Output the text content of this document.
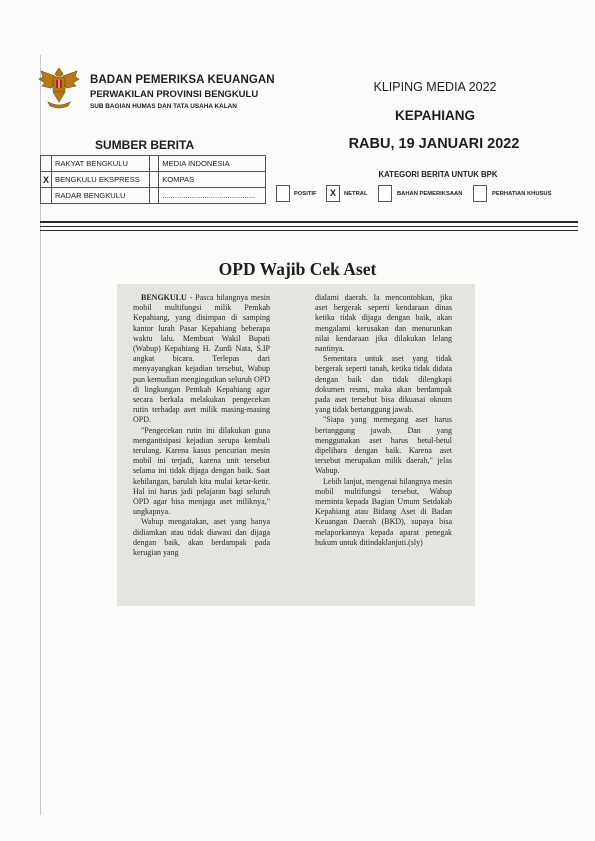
BADAN PEMERIKSA KEUANGAN
PERWAKILAN PROVINSI BENGKULU
SUB BAGIAN HUMAS DAN TATA USAHA KALAN
KLIPING MEDIA 2022
KEPAHIANG
SUMBER BERITA	RABU, 19 JANUARI 2022
	RAKYAT BENGKULU		MEDIA INDONESIA
X	BENGKULU EKSPRESS		KOMPAS
	RADAR BENGKULU		............................................
KATEGORI BERITA UNTUK BPK
POSITIF	X	NETRAL	BAHAN PEMERIKSAAN	PERHATIAN KHUSUS
OPD Wajib Cek Aset

BENGKULU - Pasca hilangnya mesin mobil multifungsi milik Pemkab Kepahiang, yang disimpan di samping kantor lurah Pasar Kepahiang beberapa waktu lalu. Membuat Wakil Bupati (Wabup) Kepahiang H. Zurdi Nata, S.IP angkat bicara. Terlepas dari menyayangkan kejadian tersebut, Wabup pun kemudian mengingatkan seluruh OPD di lingkungan Pemkab Kepahiang agar secara berkala melakukan pengecekan rutin terhadap aset milik masing-masing OPD.

"Pengecekan rutin ini dilakukan guna mengantisipasi kejadian serupa kembali terulang. Karena kasus pencurian mesin mobil ini terjadi, karena unit tersebut selama ini tidak dijaga dengan baik. Saat kehilangan, barulah kita mulai ketar-ketir. Hal ini harus jadi pelajaran bagi seluruh OPD agar bisa menjaga aset miliknya," ungkapnya.

Wabup mengatakan, aset yang hanya didiamkan atau tidak diawasi dan dijaga dengan baik, akan berdampak pada kerugian yang

dialami daerah. Ia mencontohkan, jika aset bergerak seperti kendaraan dinas ketika tidak dijaga dengan baik, akan mengalami kerusakan dan menurunkan nilai kendaraan jika dilakukan lelang nantinya.

Sementara untuk aset yang tidak bergerak seperti tanah, ketika tidak didata dengan baik dan tidak dilengkapi dokumen resmi, maka akan berdampak pada aset tersebut bisa dikuasai oknum yang tidak bertanggung jawab.

"Siapa yang memegang aset harus bertanggung jawab. Dan yang menggunakan aset harus betul-betul dipelihara dengan baik. Karena aset tersebut merupakan milik daerah," jelas Wabup.

Lebih lanjut, mengenai hilangnya mesin mobil multifungsi tersebut, Wabup meminta kepada Bagian Umum Setdakab Kepahiang atau Bidang Aset di Badan Keuangan Daerah (BKD), supaya bisa melaporkannya kepada aparat penegak hukum untuk ditindaklanjuti.(sly)
